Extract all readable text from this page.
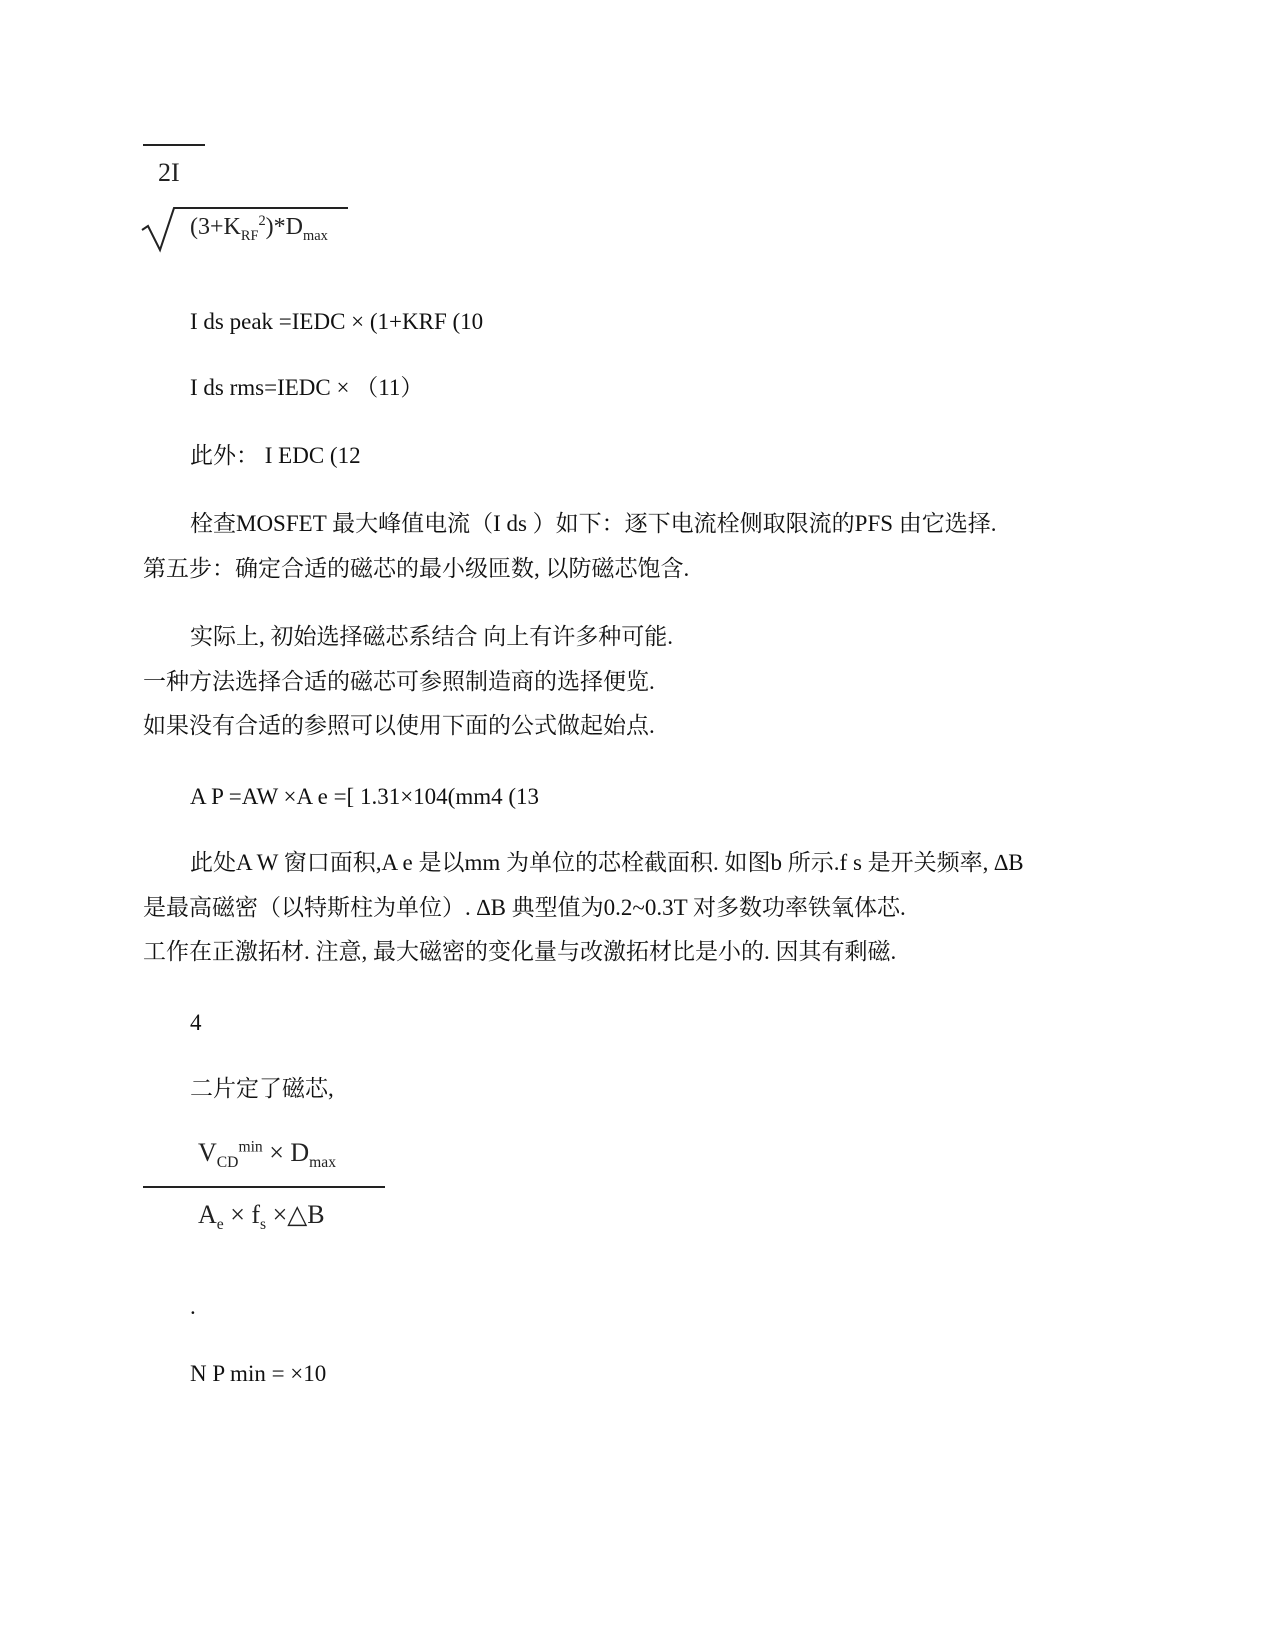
2I
$(3+K_{RF}^2)*D_{max}$
I ds peak =IEDC × (1+KRF (10
I ds rms=IEDC × （11）
此外： I EDC (12
栓查MOSFET 最大峰值电流（I ds ）如下：逐下电流栓侧取限流的PFS 由它选择.
第五步：确定合适的磁芯的最小级匝数, 以防磁芯饱含.
实际上, 初始选择磁芯系结合 向上有许多种可能.
一种方法选择合适的磁芯可参照制造商的选择便览.
如果没有合适的参照可以使用下面的公式做起始点.
A P =AW ×A e =[ 1.31×104(mm4 (13
此处A W 窗口面积,A e 是以mm 为单位的芯栓截面积. 如图b 所示.f s 是开关频率, ∆B
是最高磁密（以特斯柱为单位）. ∆B 典型值为0.2~0.3T 对多数功率铁氧体芯.
工作在正激拓材. 注意, 最大磁密的变化量与改激拓材比是小的. 因其有剩磁.
4
二片定了磁芯,
$V_{CD}^{min} \times D_{max}$
$A_e \times f_s$ ×△B
.
N P min = ×10
